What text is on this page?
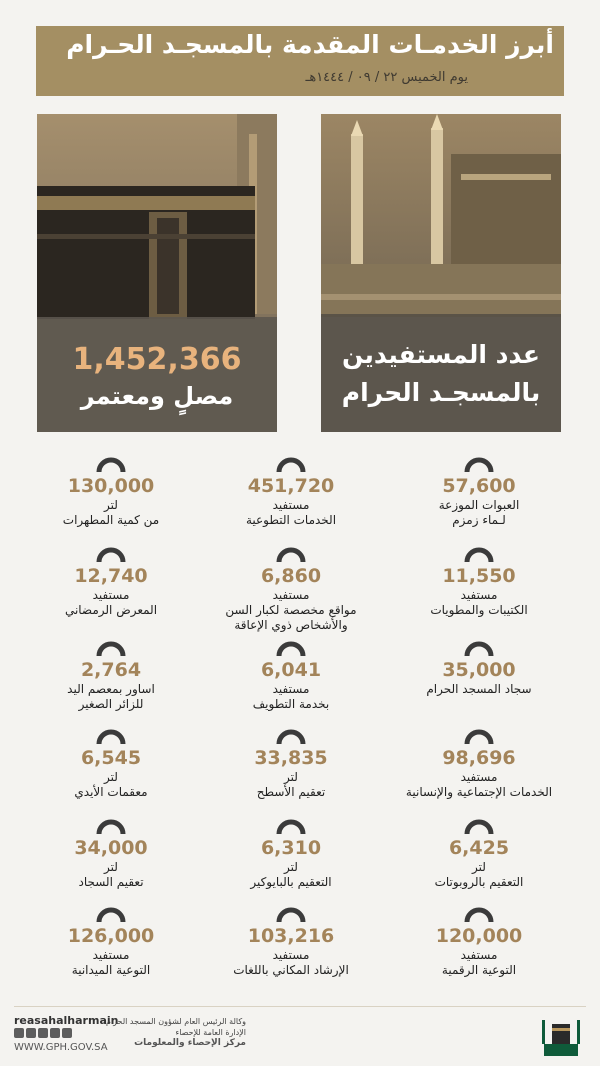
أبرز الخدمـات المقدمة بالمسجـد الحـرام
يوم الخميس ٢٢ / ٠٩ / ١٤٤٤هـ
1,452,366
مصلٍ ومعتمر
عدد المستفيدين
بالمسجـد الحرام
130,000
لتر
من كمية المطهرات
451,720
مستفيد
الخدمات التطوعية
57,600
العبوات الموزعة
لـماء زمزم
12,740
مستفيد
المعرض الرمضاني
6,860
مستفيد
مواقع مخصصة لكبار السن
والأشخاص ذوي الإعاقة
11,550
مستفيد
الكتيبات والمطويات
2,764
اساور بمعصم اليد
للزائر الصغير
6,041
مستفيد
بخدمة التطويف
35,000
سجاد المسجد الحرام
6,545
لتر
معقمات الأيدي
33,835
لتر
تعقيم الأسطح
98,696
مستفيد
الخدمات الإجتماعية والإنسانية
34,000
لتر
تعقيم السجاد
6,310
لتر
التعقيم بالبايوكير
6,425
لتر
التعقيم بالروبوتات
126,000
مستفيد
التوعية الميدانية
103,216
مستفيد
الإرشاد المكاني باللغات
120,000
مستفيد
التوعية الرقمية
reasahalharmain
WWW.GPH.GOV.SA
وكالة الرئيس العام لشؤون المسجد الحرام
الإدارة العامة للإحصاء
مركز الإحصاء والمعلومات
